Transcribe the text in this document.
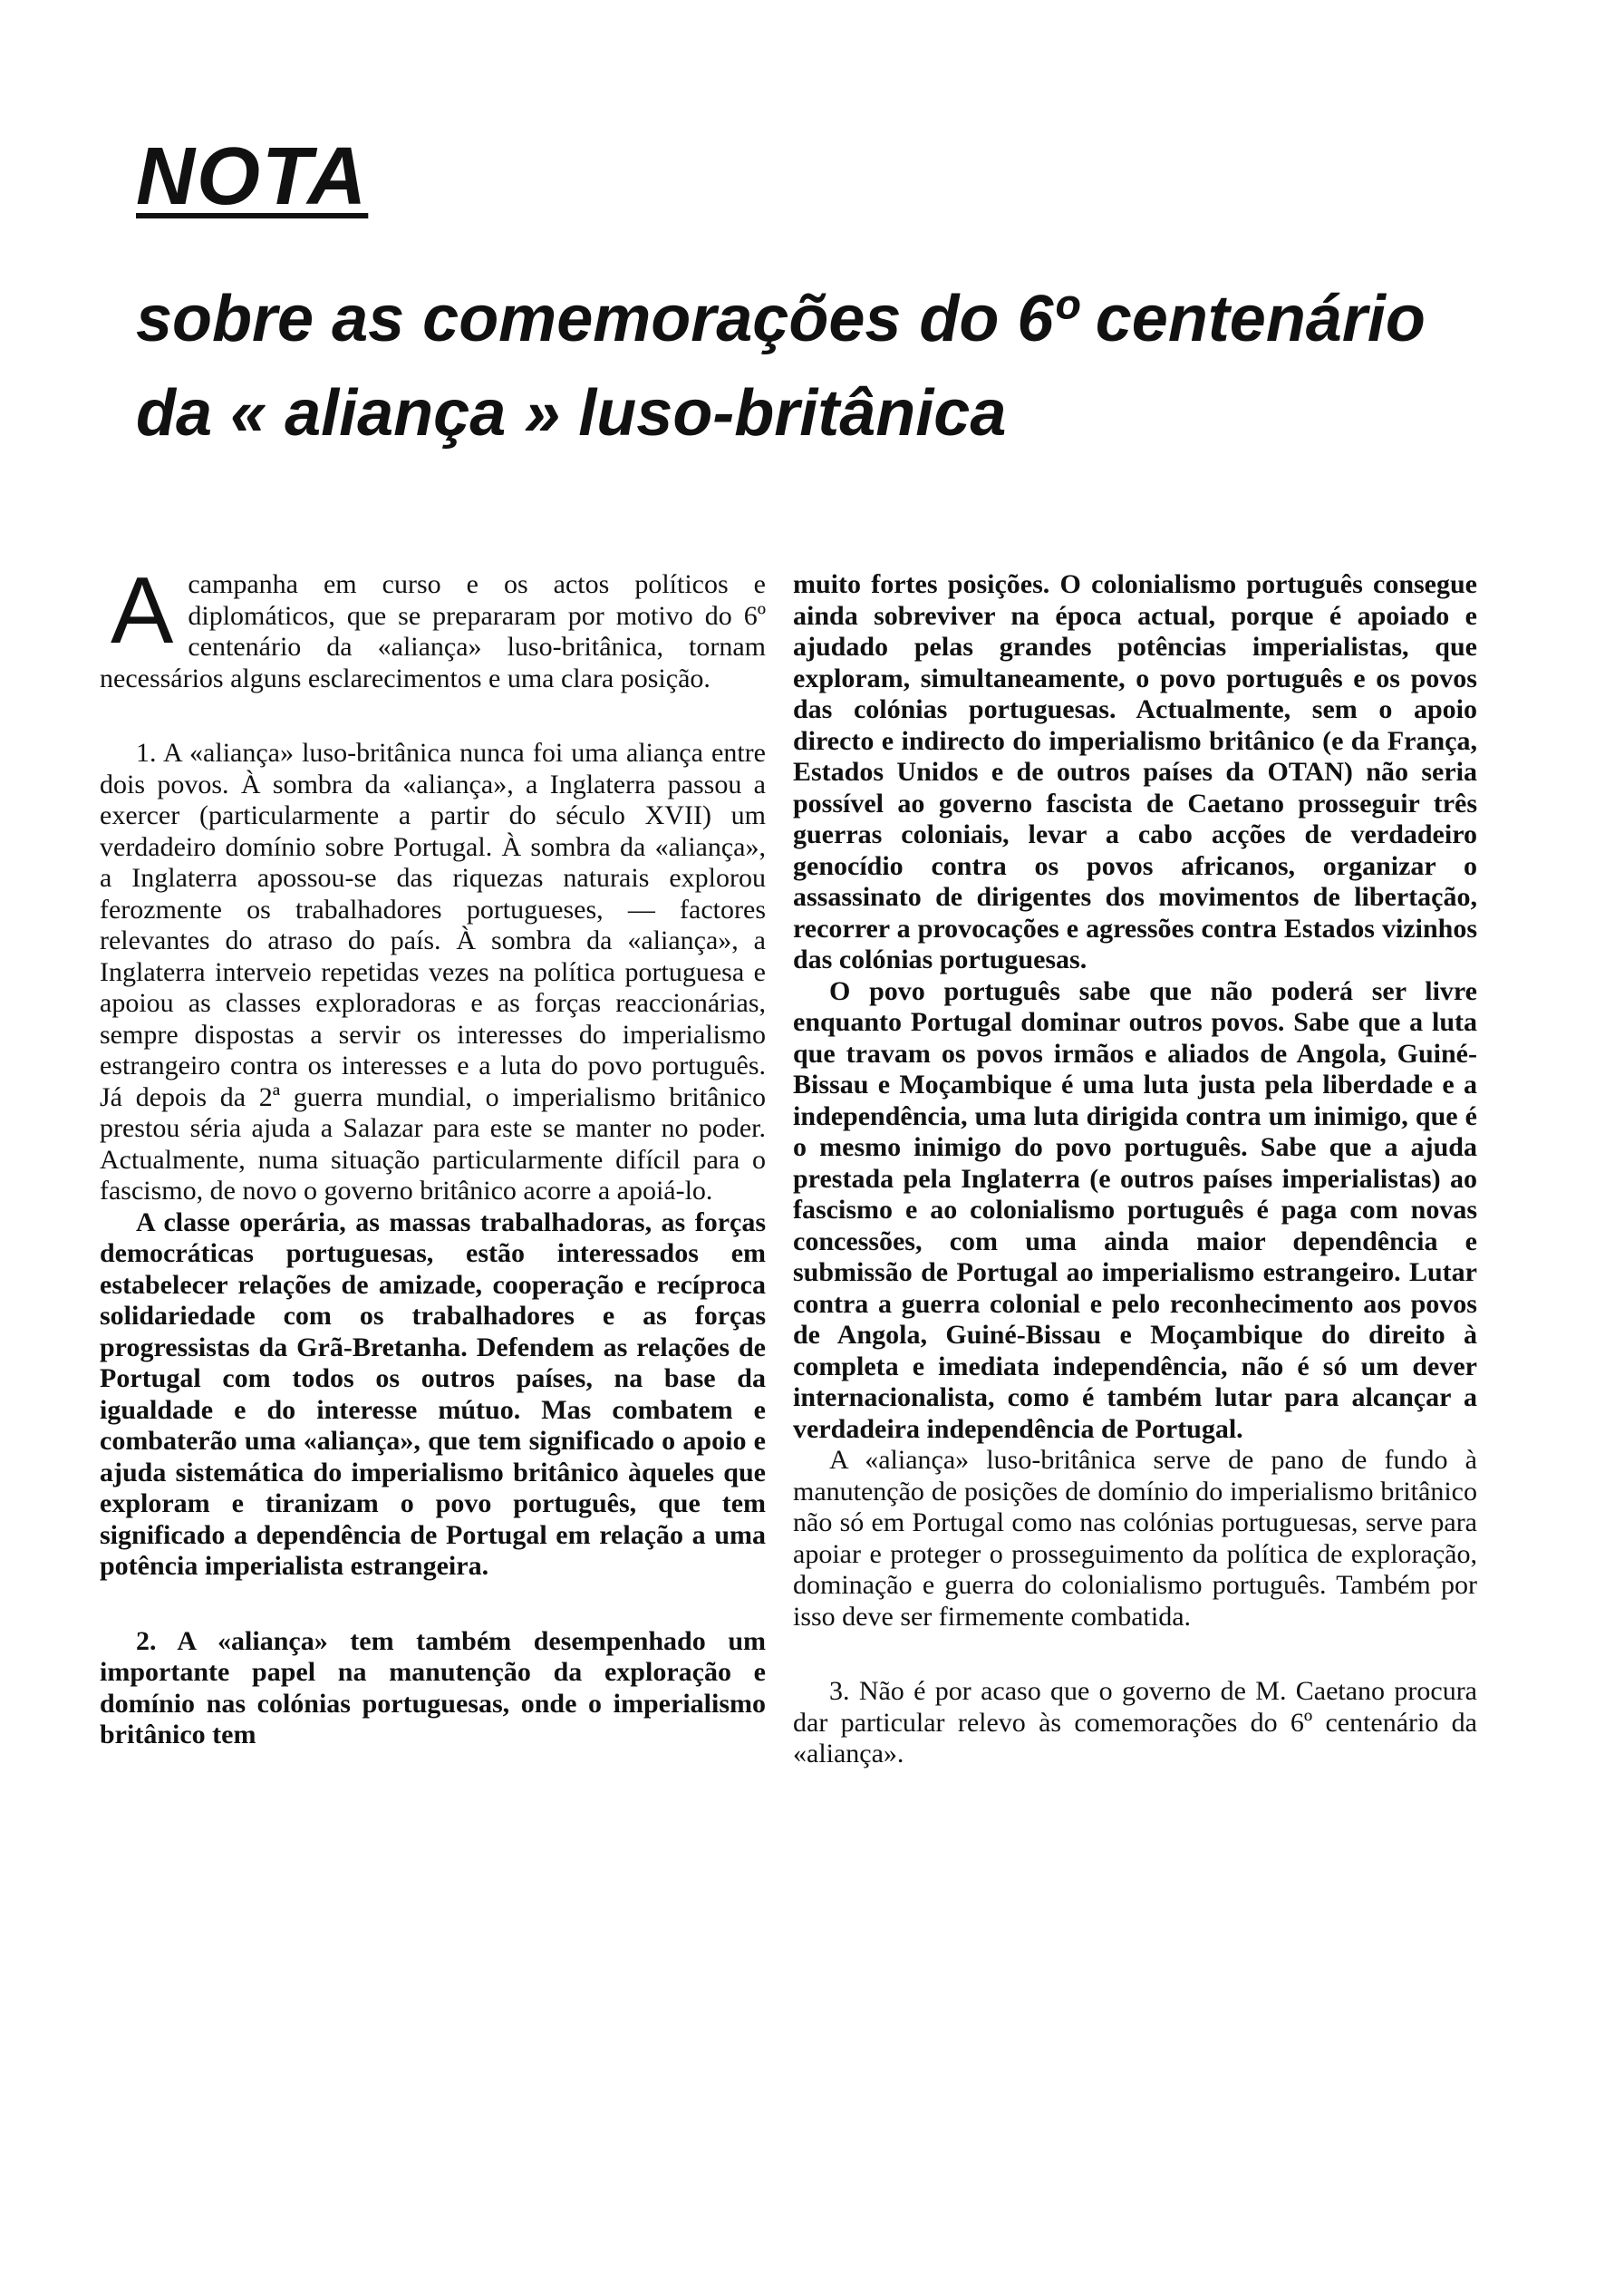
NOTA
sobre as comemorações do 6º centenário
da « aliança » luso-britânica

Acampanha em curso e os actos políticos e diplomáticos, que se prepararam por motivo do 6º centenário da «aliança» luso-britânica, tornam necessários alguns esclarecimentos e uma clara posição.

1. A «aliança» luso-britânica nunca foi uma aliança entre dois povos. À sombra da «aliança», a Inglaterra passou a exercer (particularmente a partir do século XVII) um verdadeiro domínio sobre Portugal. À sombra da «aliança», a Inglaterra apossou-se das riquezas naturais explorou ferozmente os trabalhadores portugueses, — factores relevantes do atraso do país. À sombra da «aliança», a Inglaterra interveio repetidas vezes na política portuguesa e apoiou as classes exploradoras e as forças reaccionárias, sempre dispostas a servir os interesses do imperialismo estrangeiro contra os interesses e a luta do povo português. Já depois da 2ª guerra mundial, o imperialismo britânico prestou séria ajuda a Salazar para este se manter no poder. Actualmente, numa situação particularmente difícil para o fascismo, de novo o governo britânico acorre a apoiá-lo.

A classe operária, as massas trabalhadoras, as forças democráticas portuguesas, estão interessados em estabelecer relações de amizade, cooperação e recíproca solidariedade com os trabalhadores e as forças progressistas da Grã-Bretanha. Defendem as relações de Portugal com todos os outros países, na base da igualdade e do interesse mútuo. Mas combatem e combaterão uma «aliança», que tem significado o apoio e ajuda sistemática do imperialismo britânico àqueles que exploram e tiranizam o povo português, que tem significado a dependência de Portugal em relação a uma potência imperialista estrangeira.

2. A «aliança» tem também desempenhado um importante papel na manutenção da exploração e domínio nas colónias portuguesas, onde o imperialismo britânico tem

muito fortes posições. O colonialismo português consegue ainda sobreviver na época actual, porque é apoiado e ajudado pelas grandes potências imperialistas, que exploram, simultaneamente, o povo português e os povos das colónias portuguesas. Actualmente, sem o apoio directo e indirecto do imperialismo britânico (e da França, Estados Unidos e de outros países da OTAN) não seria possível ao governo fascista de Caetano prosseguir três guerras coloniais, levar a cabo acções de verdadeiro genocídio contra os povos africanos, organizar o assassinato de dirigentes dos movimentos de libertação, recorrer a provocações e agressões contra Estados vizinhos das colónias portuguesas.

O povo português sabe que não poderá ser livre enquanto Portugal dominar outros povos. Sabe que a luta que travam os povos irmãos e aliados de Angola, Guiné-Bissau e Moçambique é uma luta justa pela liberdade e a independência, uma luta dirigida contra um inimigo, que é o mesmo inimigo do povo português. Sabe que a ajuda prestada pela Inglaterra (e outros países imperialistas) ao fascismo e ao colonialismo português é paga com novas concessões, com uma ainda maior dependência e submissão de Portugal ao imperialismo estrangeiro. Lutar contra a guerra colonial e pelo reconhecimento aos povos de Angola, Guiné-Bissau e Moçambique do direito à completa e imediata independência, não é só um dever internacionalista, como é também lutar para alcançar a verdadeira independência de Portugal.

A «aliança» luso-britânica serve de pano de fundo à manutenção de posições de domínio do imperialismo britânico não só em Portugal como nas colónias portuguesas, serve para apoiar e proteger o prosseguimento da política de exploração, dominação e guerra do colonialismo português. Também por isso deve ser firmemente combatida.

3. Não é por acaso que o governo de M. Caetano procura dar particular relevo às comemorações do 6º centenário da «aliança».
